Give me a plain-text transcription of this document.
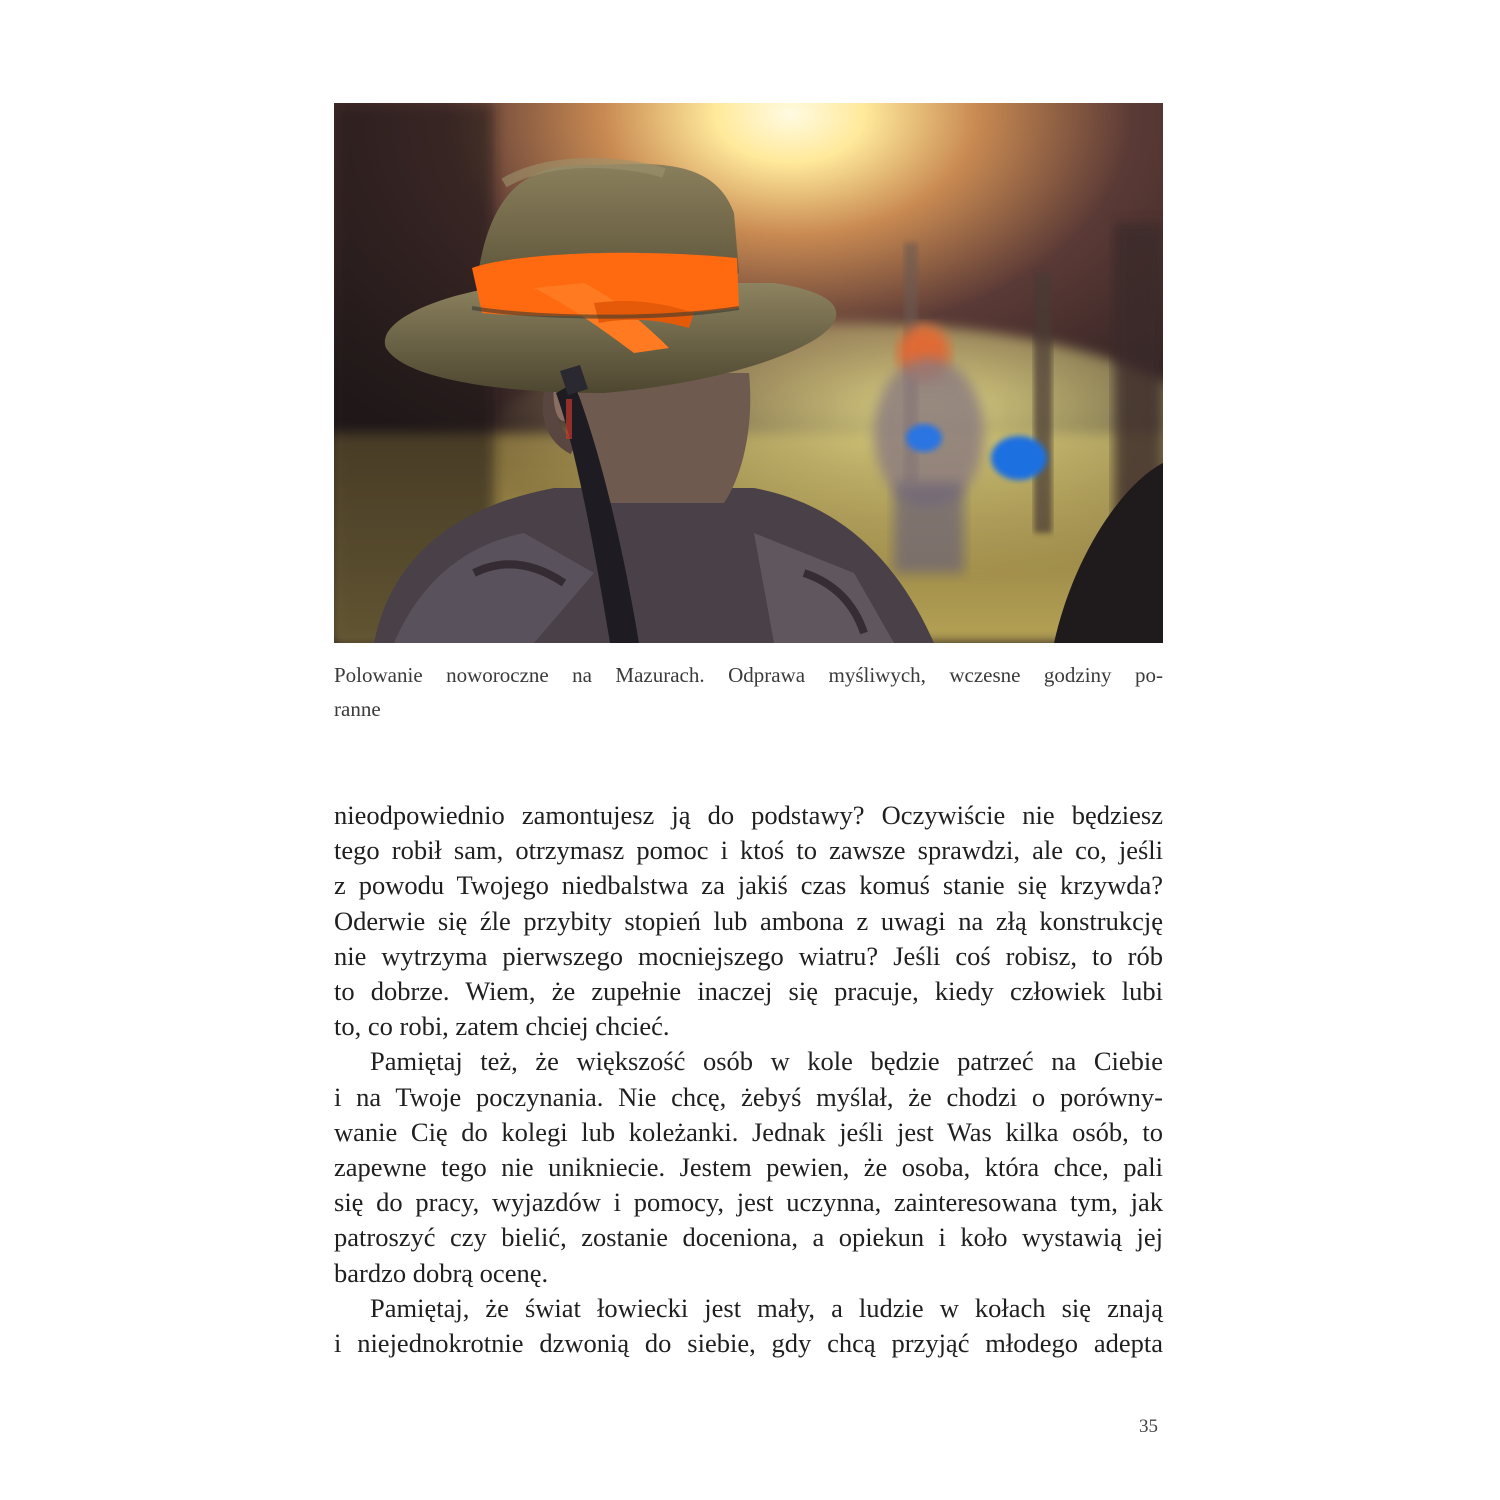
Polowanie noworoczne na Mazurach. Odprawa myśliwych, wczesne godziny po-
ranne
nieodpowiednio zamontujesz ją do podstawy? Oczywiście nie będziesz
tego robił sam, otrzymasz pomoc i ktoś to zawsze sprawdzi, ale co, jeśli
z powodu Twojego niedbalstwa za jakiś czas komuś stanie się krzywda?
Oderwie się źle przybity stopień lub ambona z uwagi na złą konstrukcję
nie wytrzyma pierwszego mocniejszego wiatru? Jeśli coś robisz, to rób
to dobrze. Wiem, że zupełnie inaczej się pracuje, kiedy człowiek lubi
to, co robi, zatem chciej chcieć.
Pamiętaj też, że większość osób w kole będzie patrzeć na Ciebie
i na Twoje poczynania. Nie chcę, żebyś myślał, że chodzi o porówny-
wanie Cię do kolegi lub koleżanki. Jednak jeśli jest Was kilka osób, to
zapewne tego nie unikniecie. Jestem pewien, że osoba, która chce, pali
się do pracy, wyjazdów i pomocy, jest uczynna, zainteresowana tym, jak
patroszyć czy bielić, zostanie doceniona, a opiekun i koło wystawią jej
bardzo dobrą ocenę.
Pamiętaj, że świat łowiecki jest mały, a ludzie w kołach się znają
i niejednokrotnie dzwonią do siebie, gdy chcą przyjąć młodego adepta
35
